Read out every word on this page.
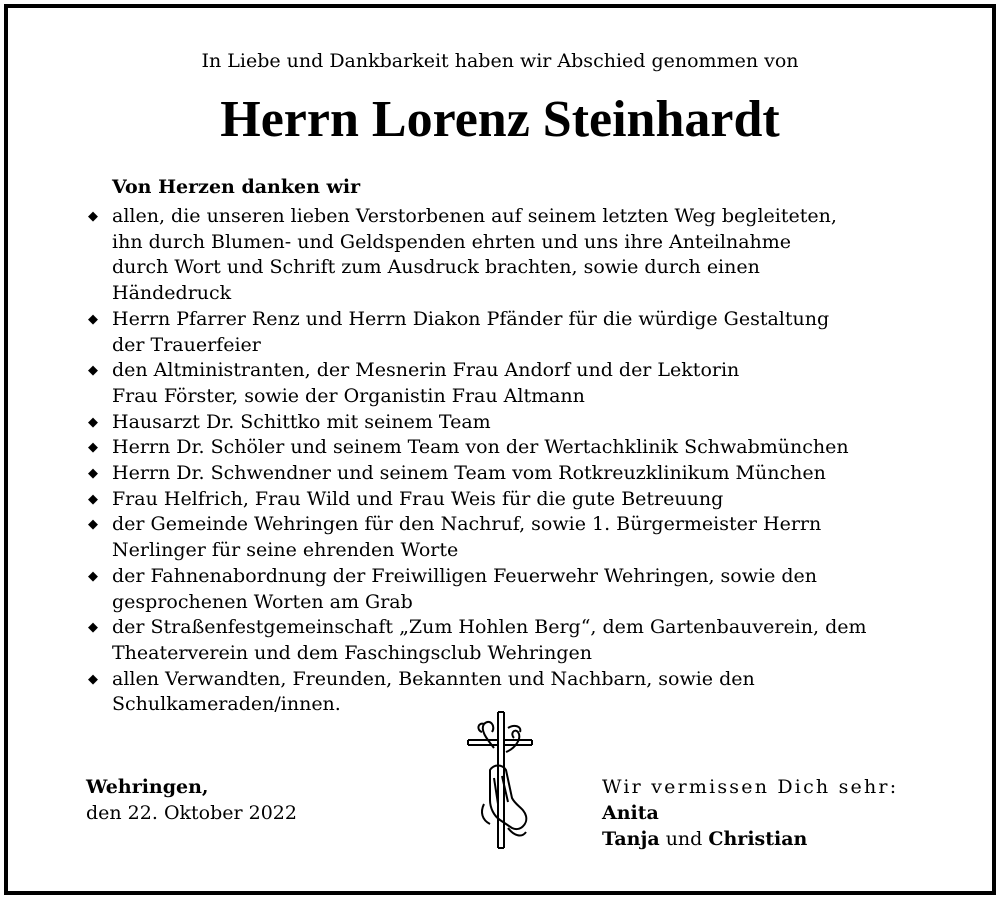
In Liebe und Dankbarkeit haben wir Abschied genommen von
Herrn Lorenz Steinhardt
Von Herzen danken wir
◆ allen, die unseren lieben Verstorbenen auf seinem letzten Weg begleiteten,
ihn durch Blumen- und Geldspenden ehrten und uns ihre Anteilnahme
durch Wort und Schrift zum Ausdruck brachten, sowie durch einen
Händedruck
◆ Herrn Pfarrer Renz und Herrn Diakon Pfänder für die würdige Gestaltung
der Trauerfeier
◆ den Altministranten, der Mesnerin Frau Andorf und der Lektorin
Frau Förster, sowie der Organistin Frau Altmann
◆ Hausarzt Dr. Schittko mit seinem Team
◆ Herrn Dr. Schöler und seinem Team von der Wertachklinik Schwabmünchen
◆ Herrn Dr. Schwendner und seinem Team vom Rotkreuzklinikum München
◆ Frau Helfrich, Frau Wild und Frau Weis für die gute Betreuung
◆ der Gemeinde Wehringen für den Nachruf, sowie 1. Bürgermeister Herrn
Nerlinger für seine ehrenden Worte
◆ der Fahnenabordnung der Freiwilligen Feuerwehr Wehringen, sowie den
gesprochenen Worten am Grab
◆ der Straßenfestgemeinschaft „Zum Hohlen Berg“, dem Gartenbauverein, dem
Theaterverein und dem Faschingsclub Wehringen
◆ allen Verwandten, Freunden, Bekannten und Nachbarn, sowie den
Schulkameraden/innen.
Wehringen,
den 22. Oktober 2022
Wir vermissen Dich sehr:
Anita
Tanja und Christian
